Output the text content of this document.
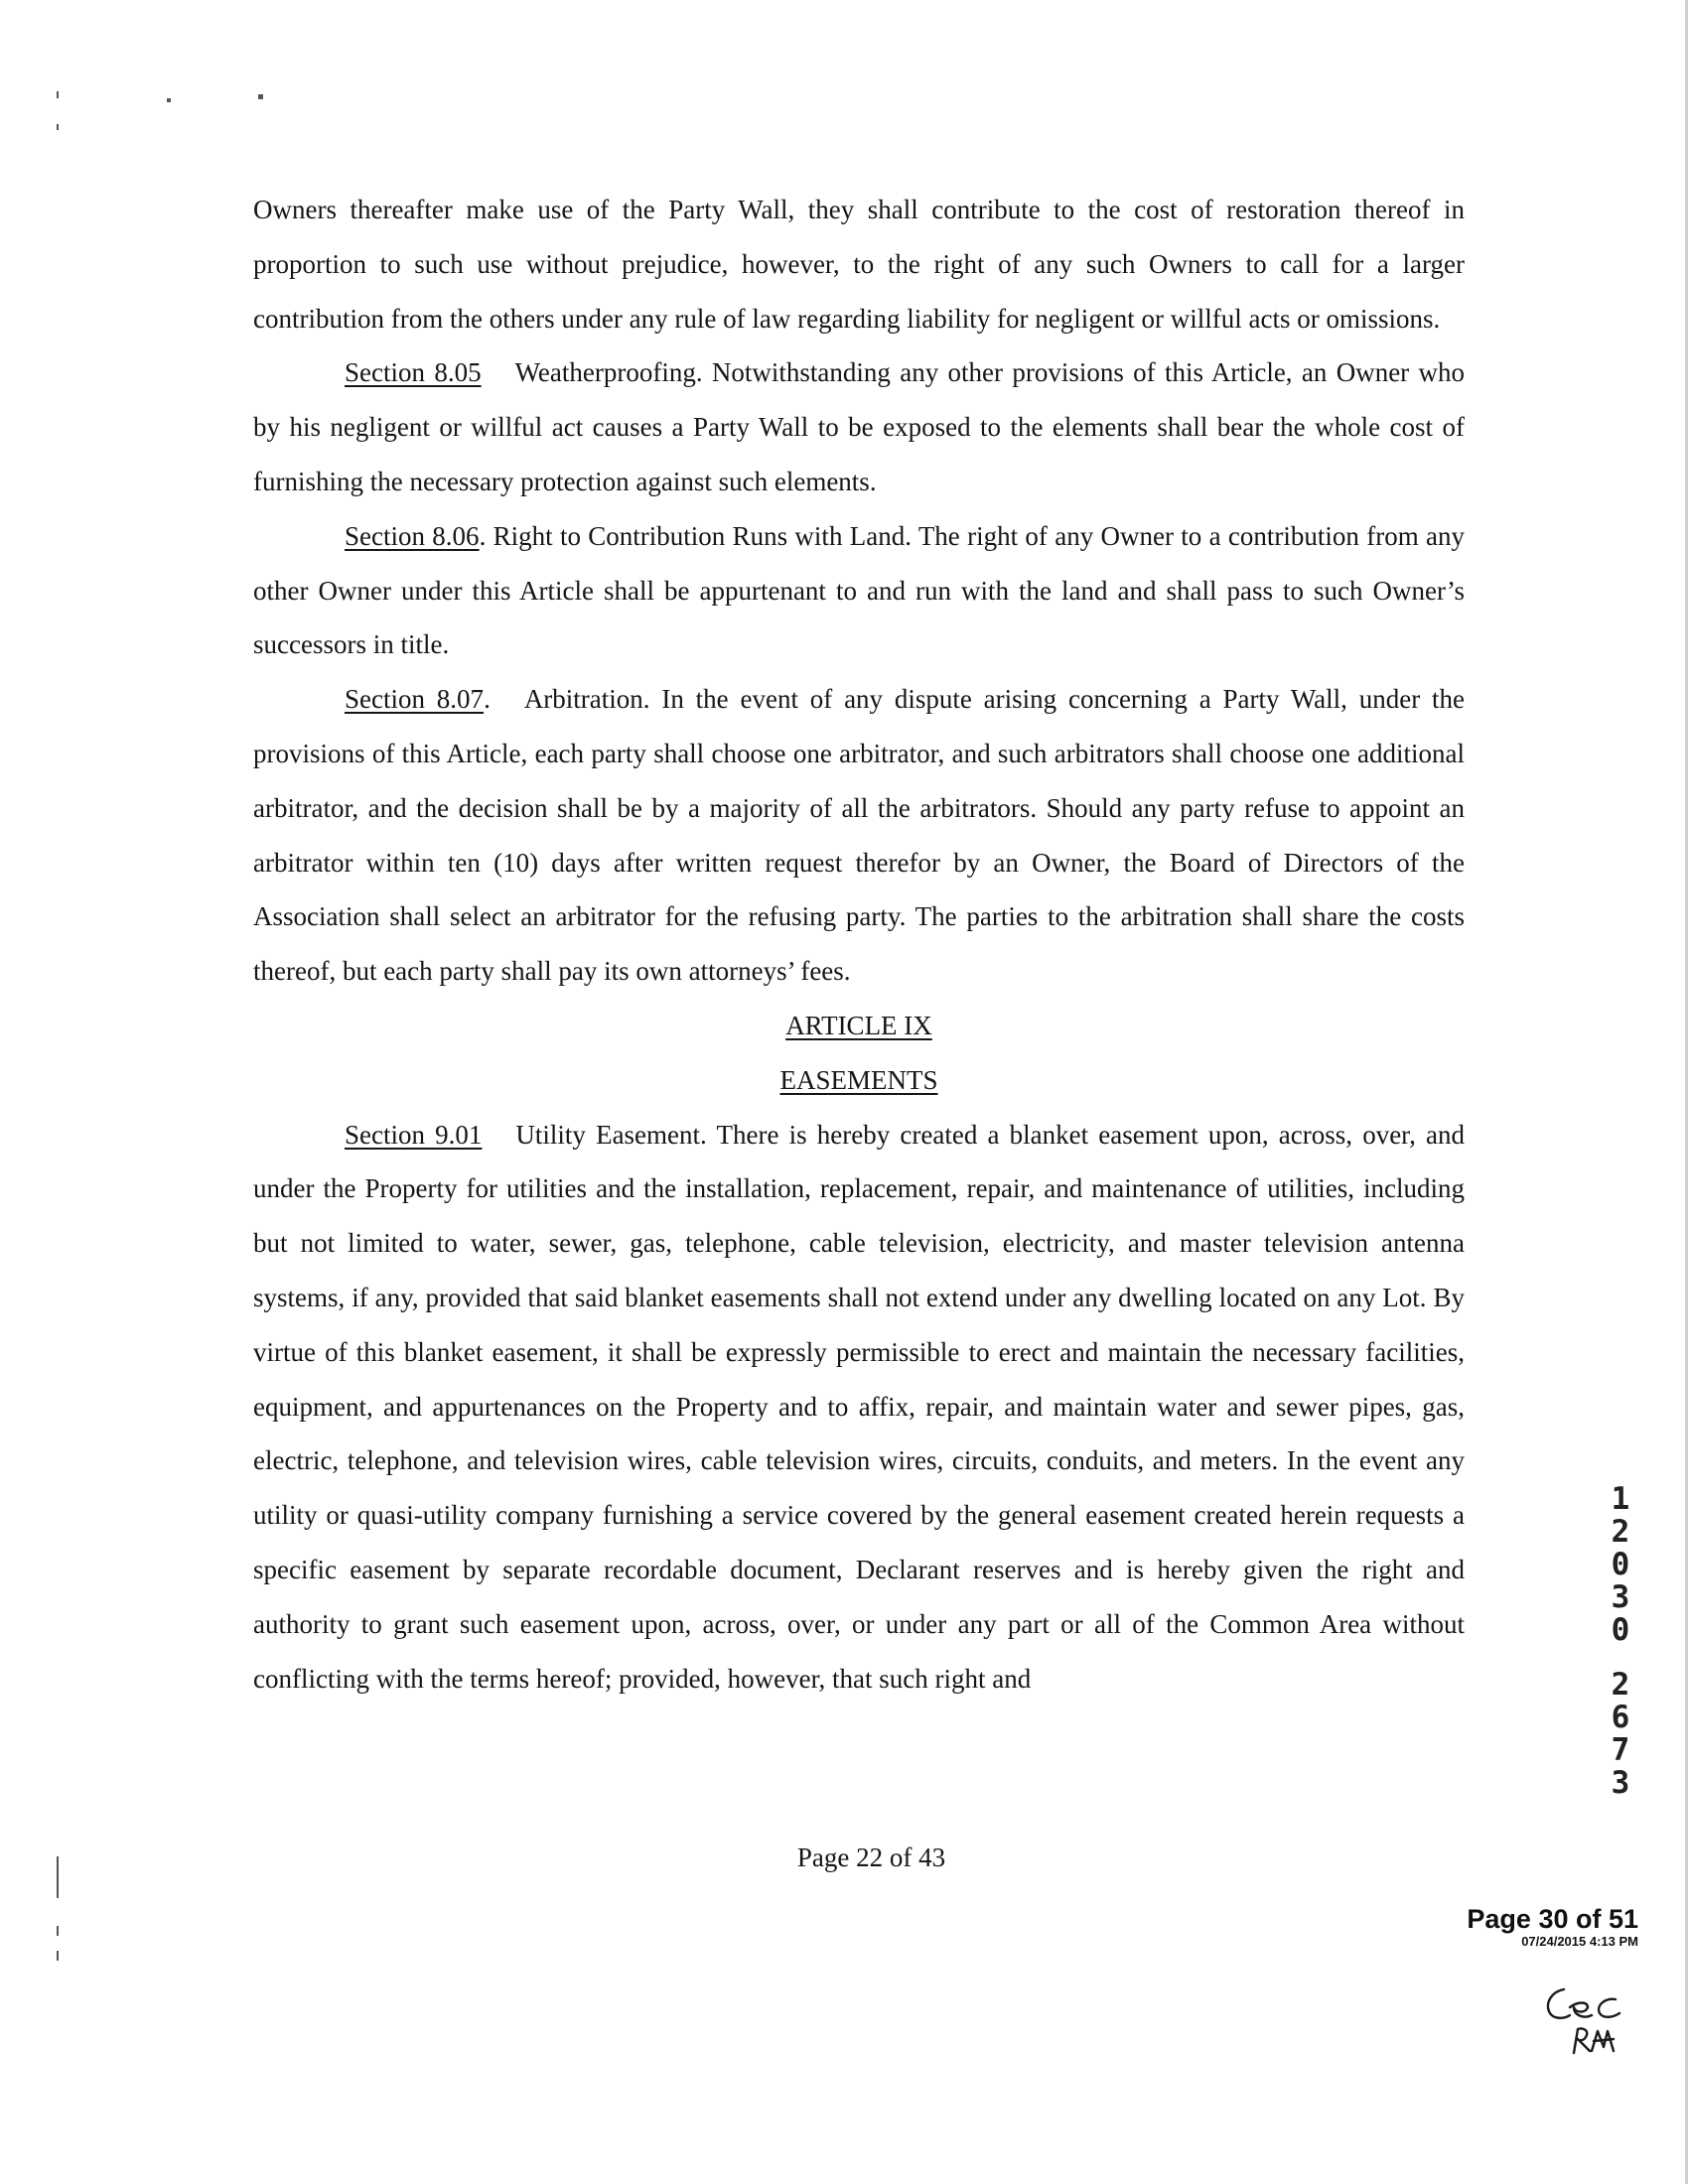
Owners thereafter make use of the Party Wall, they shall contribute to the cost of restoration thereof in proportion to such use without prejudice, however, to the right of any such Owners to call for a larger contribution from the others under any rule of law regarding liability for negligent or willful acts or omissions.

Section 8.05 Weatherproofing. Notwithstanding any other provisions of this Article, an Owner who by his negligent or willful act causes a Party Wall to be exposed to the elements shall bear the whole cost of furnishing the necessary protection against such elements.

Section 8.06. Right to Contribution Runs with Land. The right of any Owner to a contribution from any other Owner under this Article shall be appurtenant to and run with the land and shall pass to such Owner’s successors in title.

Section 8.07. Arbitration. In the event of any dispute arising concerning a Party Wall, under the provisions of this Article, each party shall choose one arbitrator, and such arbitrators shall choose one additional arbitrator, and the decision shall be by a majority of all the arbitrators. Should any party refuse to appoint an arbitrator within ten (10) days after written request therefor by an Owner, the Board of Directors of the Association shall select an arbitrator for the refusing party. The parties to the arbitration shall share the costs thereof, but each party shall pay its own attorneys’ fees.

ARTICLE IX

EASEMENTS

Section 9.01 Utility Easement. There is hereby created a blanket easement upon, across, over, and under the Property for utilities and the installation, replacement, repair, and maintenance of utilities, including but not limited to water, sewer, gas, telephone, cable television, electricity, and master television antenna systems, if any, provided that said blanket easements shall not extend under any dwelling located on any Lot. By virtue of this blanket easement, it shall be expressly permissible to erect and maintain the necessary facilities, equipment, and appurtenances on the Property and to affix, repair, and maintain water and sewer pipes, gas, electric, telephone, and television wires, cable television wires, circuits, conduits, and meters. In the event any utility or quasi-utility company furnishing a service covered by the general easement created herein requests a specific easement by separate recordable document, Declarant reserves and is hereby given the right and authority to grant such easement upon, across, over, or under any part or all of the Common Area without conflicting with the terms hereof; provided, however, that such right and

Page 22 of 43
1
2
0
3
0
2
6
7
3
Page 30 of 51
07/24/2015 4:13 PM
